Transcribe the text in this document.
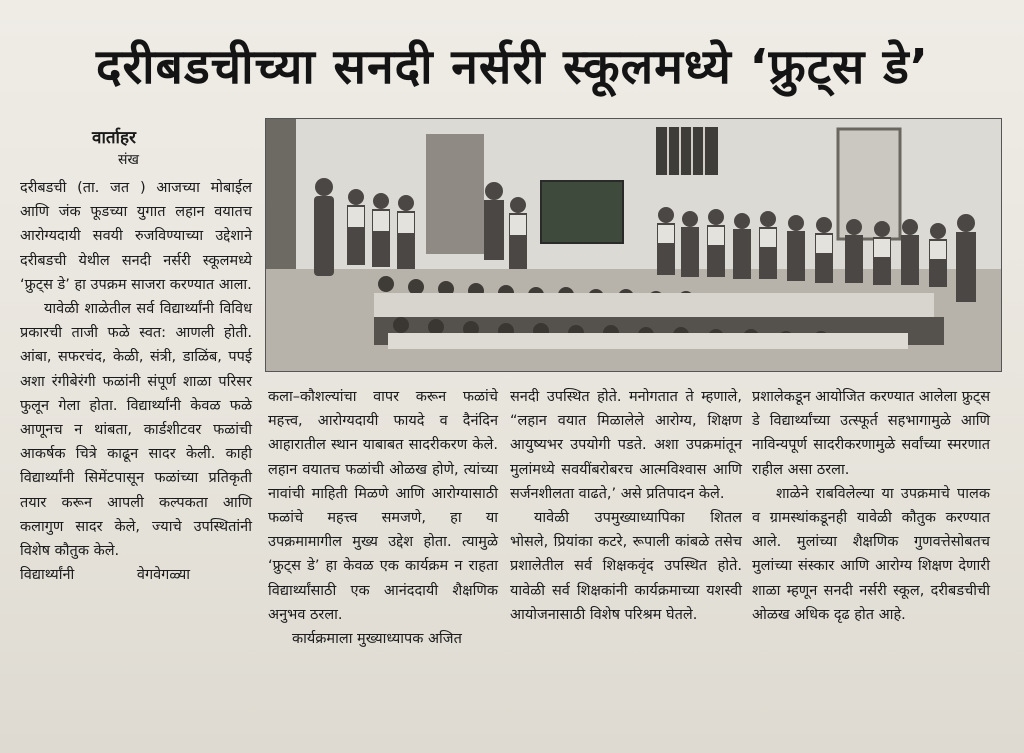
दरीबडचीच्या सनदी नर्सरी स्कूलमध्ये ‘फ्रुट्स डे’
वार्ताहर
संख

दरीबडची (ता. जत ) आजच्या मोबाईल आणि जंक फूडच्या युगात लहान वयातच आरोग्यदायी सवयी रुजविण्याच्या उद्देशाने दरीबडची येथील सनदी नर्सरी स्कूलमध्ये ‘फ्रुट्स डे’ हा उपक्रम साजरा करण्यात आला.

यावेळी शाळेतील सर्व विद्यार्थ्यांनी विविध प्रकारची ताजी फळे स्वत: आणली होती. आंबा, सफरचंद, केळी, संत्री, डाळिंब, पपई अशा रंगीबेरंगी फळांनी संपूर्ण शाळा परिसर फुलून गेला होता. विद्यार्थ्यांनी केवळ फळे आणूनच न थांबता, कार्डशीटवर फळांची आकर्षक चित्रे काढून सादर केली. काही विद्यार्थ्यांनी सिमेंटपासून फळांच्या प्रतिकृती तयार करून आपली कल्पकता आणि कलागुण सादर केले, ज्याचे उपस्थितांनी विशेष कौतुक केले.

विद्यार्थ्यांनी वेगवेगळ्या

कला–कौशल्यांचा वापर करून फळांचे महत्त्व, आरोग्यदायी फायदे व दैनंदिन आहारातील स्थान याबाबत सादरीकरण केले. लहान वयातच फळांची ओळख होणे, त्यांच्या नावांची माहिती मिळणे आणि आरोग्यासाठी फळांचे महत्त्व समजणे, हा या उपक्रमामागील मुख्य उद्देश होता. त्यामुळे ‘फ्रुट्स डे’ हा केवळ एक कार्यक्रम न राहता विद्यार्थ्यांसाठी एक आनंददायी शैक्षणिक अनुभव ठरला.

कार्यक्रमाला मुख्याध्यापक अजित

सनदी उपस्थित होते. मनोगतात ते म्हणाले, “लहान वयात मिळालेले आरोग्य, शिक्षण आयुष्यभर उपयोगी पडते. अशा उपक्रमांतून मुलांमध्ये सवयींबरोबरच आत्मविश्वास आणि सर्जनशीलता वाढते,’ असे प्रतिपादन केले.

यावेळी उपमुख्याध्यापिका शितल भोसले, प्रियांका कटरे, रूपाली कांबळे तसेच प्रशालेतील सर्व शिक्षकवृंद उपस्थित होते. यावेळी सर्व शिक्षकांनी कार्यक्रमाच्या यशस्वी आयोजनासाठी विशेष परिश्रम घेतले.

प्रशालेकडून आयोजित करण्यात आलेला फ्रुट्स डे विद्यार्थ्यांच्या उत्स्फूर्त सहभागामुळे आणि नाविन्यपूर्ण सादरीकरणामुळे सर्वांच्या स्मरणात राहील असा ठरला.

शाळेने राबविलेल्या या उपक्रमाचे पालक व ग्रामस्थांकडूनही यावेळी कौतुक करण्यात आले. मुलांच्या शैक्षणिक गुणवत्तेसोबतच मुलांच्या संस्कार आणि आरोग्य शिक्षण देणारी शाळा म्हणून सनदी नर्सरी स्कूल, दरीबडचीची ओळख अधिक दृढ होत आहे.
